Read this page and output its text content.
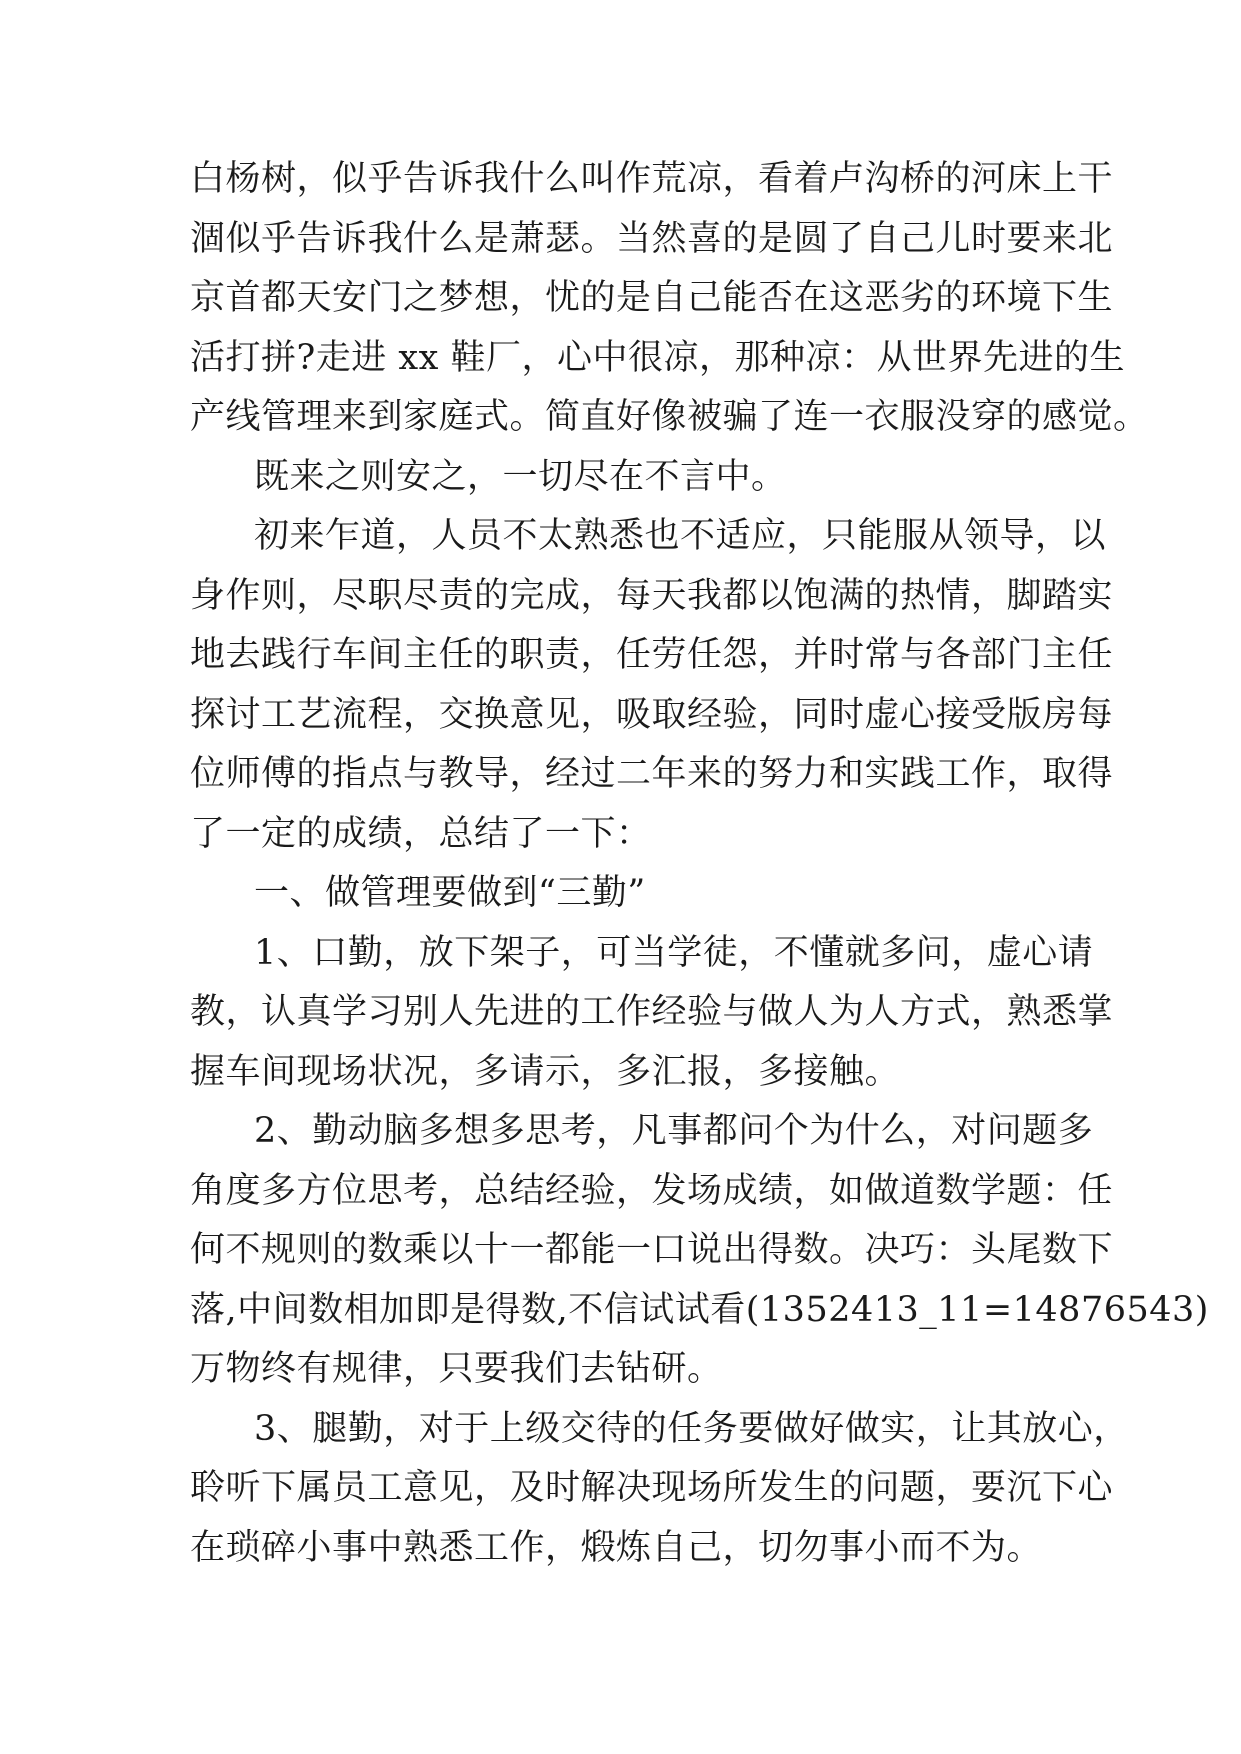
白杨树，似乎告诉我什么叫作荒凉，看着卢沟桥的河床上干
涸似乎告诉我什么是萧瑟。当然喜的是圆了自己儿时要来北
京首都天安门之梦想，忧的是自己能否在这恶劣的环境下生
活打拼?走进 xx 鞋厂，心中很凉，那种凉：从世界先进的生
产线管理来到家庭式。简直好像被骗了连一衣服没穿的感觉。
既来之则安之，一切尽在不言中。
初来乍道，人员不太熟悉也不适应，只能服从领导，以
身作则，尽职尽责的完成，每天我都以饱满的热情，脚踏实
地去践行车间主任的职责，任劳任怨，并时常与各部门主任
探讨工艺流程，交换意见，吸取经验，同时虚心接受版房每
位师傅的指点与教导，经过二年来的努力和实践工作，取得
了一定的成绩，总结了一下：
一、做管理要做到“三勤”
1、口勤，放下架子，可当学徒，不懂就多问，虚心请
教，认真学习别人先进的工作经验与做人为人方式，熟悉掌
握车间现场状况，多请示，多汇报，多接触。
2、勤动脑多想多思考，凡事都问个为什么，对问题多
角度多方位思考，总结经验，发场成绩，如做道数学题：任
何不规则的数乘以十一都能一口说出得数。决巧：头尾数下
落,中间数相加即是得数,不信试试看(1352413_11=14876543)
万物终有规律，只要我们去钻研。
3、腿勤，对于上级交待的任务要做好做实，让其放心，
聆听下属员工意见，及时解决现场所发生的问题，要沉下心
在琐碎小事中熟悉工作，煅炼自己，切勿事小而不为。
